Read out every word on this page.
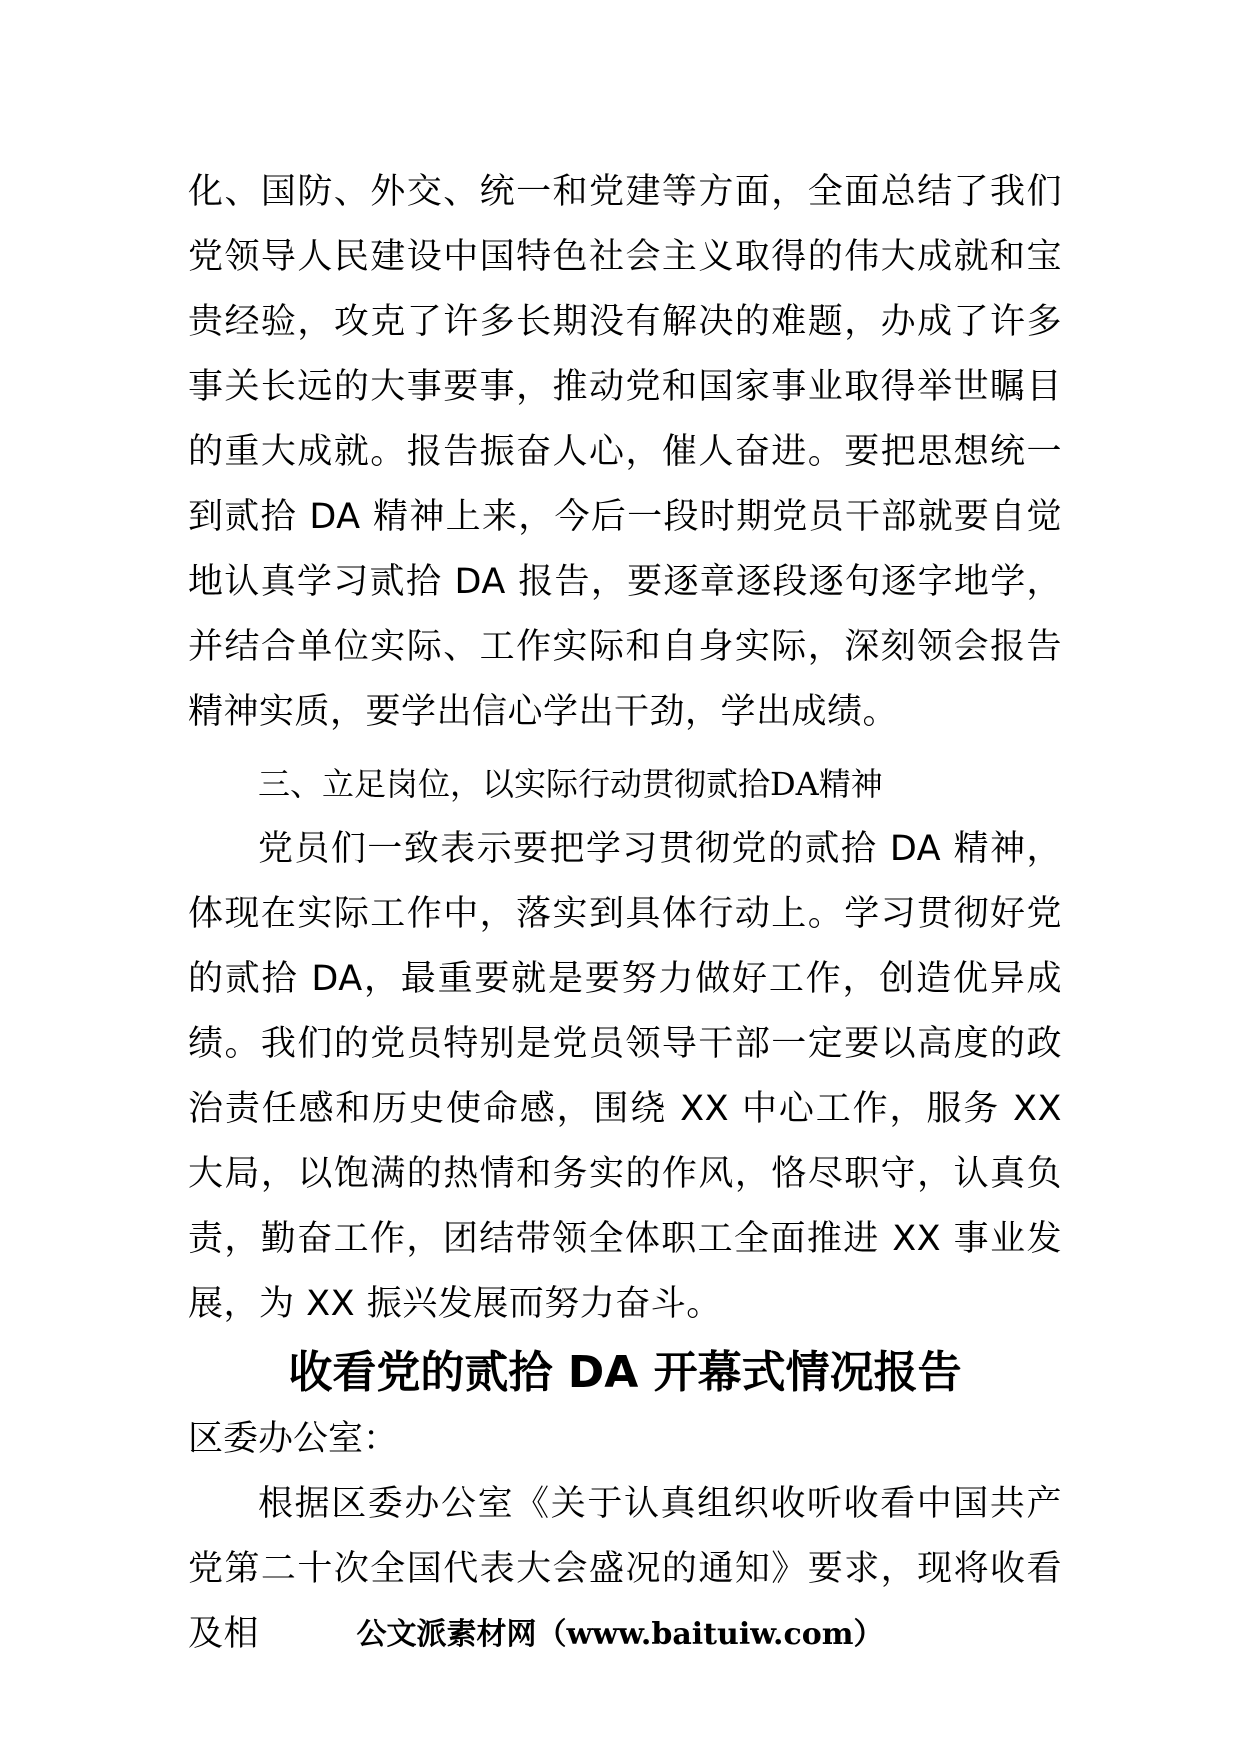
化、国防、外交、统一和党建等方面，全面总结了我们党领导人民建设中国特色社会主义取得的伟大成就和宝贵经验，攻克了许多长期没有解决的难题，办成了许多事关长远的大事要事，推动党和国家事业取得举世瞩目的重大成就。报告振奋人心，催人奋进。要把思想统一到贰拾 DA 精神上来，今后一段时期党员干部就要自觉地认真学习贰拾 DA 报告，要逐章逐段逐句逐字地学，并结合单位实际、工作实际和自身实际，深刻领会报告精神实质，要学出信心学出干劲，学出成绩。

三、立足岗位，以实际行动贯彻贰拾DA精神

党员们一致表示要把学习贯彻党的贰拾 DA 精神，体现在实际工作中，落实到具体行动上。学习贯彻好党的贰拾 DA，最重要就是要努力做好工作，创造优异成绩。我们的党员特别是党员领导干部一定要以高度的政治责任感和历史使命感，围绕 XX 中心工作，服务 XX 大局，以饱满的热情和务实的作风，恪尽职守，认真负责，勤奋工作，团结带领全体职工全面推进 XX 事业发展，为 XX 振兴发展而努力奋斗。

收看党的贰拾 DA 开幕式情况报告

区委办公室：

根据区委办公室《关于认真组织收听收看中国共产党第二十次全国代表大会盛况的通知》要求，现将收看及相	公文派素材网（www.baituiw.com）
